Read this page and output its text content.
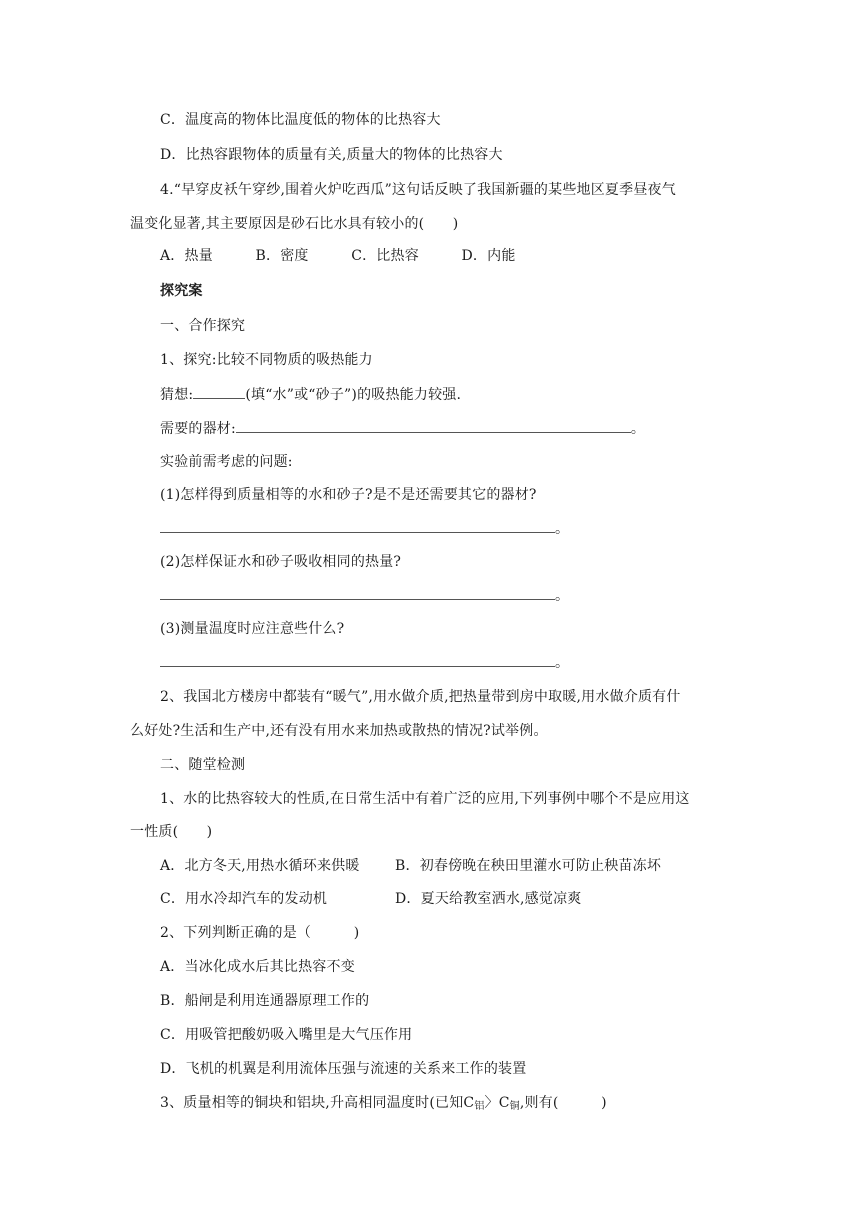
C．温度高的物体比温度低的物体的比热容大
D．比热容跟物体的质量有关,质量大的物体的比热容大
4.“早穿皮袄午穿纱,围着火炉吃西瓜”这句话反映了我国新疆的某些地区夏季昼夜气
温变化显著,其主要原因是砂石比水具有较小的(　　)
A．热量　　　B．密度　　　C．比热容　　　D．内能
探究案
一、合作探究
1、探究:比较不同物质的吸热能力
猜想:	(填“水”或“砂子”)的吸热能力较强.
需要的器材:	。
实验前需考虑的问题:
(1)怎样得到质量相等的水和砂子?是不是还需要其它的器材?
。
(2)怎样保证水和砂子吸收相同的热量?
。
(3)测量温度时应注意些什么?
。
2、我国北方楼房中都装有“暖气”,用水做介质,把热量带到房中取暖,用水做介质有什
么好处?生活和生产中,还有没有用水来加热或散热的情况?试举例。
二、随堂检测
1、水的比热容较大的性质,在日常生活中有着广泛的应用,下列事例中哪个不是应用这
一性质(　　)
A．北方冬天,用热水循环来供暖	B．初春傍晚在秧田里灌水可防止秧苗冻坏
C．用水冷却汽车的发动机	D．夏天给教室洒水,感觉凉爽
2、下列判断正确的是（　　　)
A．当冰化成水后其比热容不变
B．船闸是利用连通器原理工作的
C．用吸管把酸奶吸入嘴里是大气压作用
D．飞机的机翼是利用流体压强与流速的关系来工作的装置
3、质量相等的铜块和铝块,升高相同温度时(已知$C_铝$〉$C_铜$,则有(　　　)
